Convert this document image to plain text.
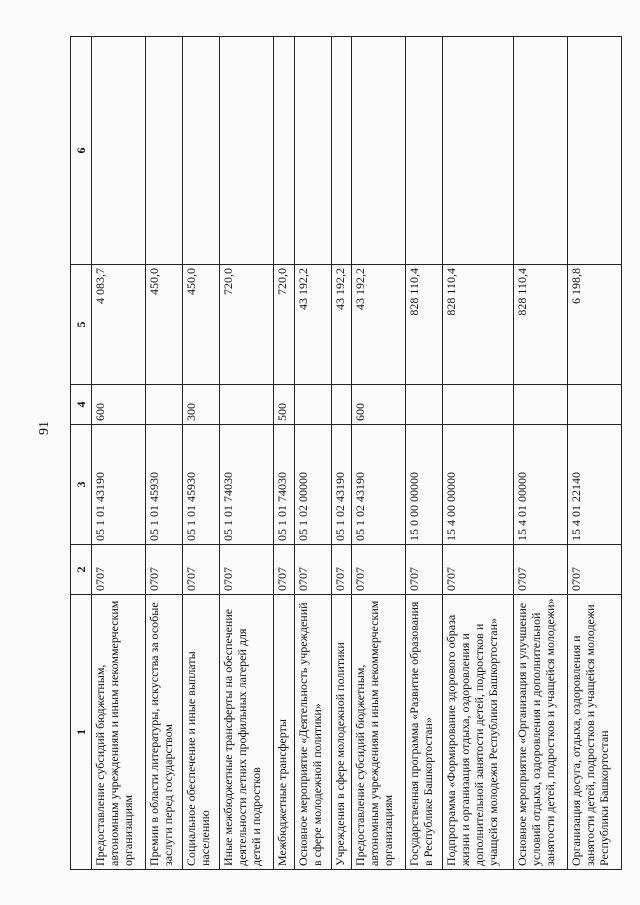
91
1	2	3	4	5	6
Предоставление субсидий бюджетным, автономным учреждениям и иным некоммерческим организациям	0707	05 1 01 43190	600	4 083,7	
Премии в области литературы, искусства за особые заслуги перед государством	0707	05 1 01 45930		450,0	
Социальное обеспечение и иные выплаты населению	0707	05 1 01 45930	300	450,0	
Иные межбюджетные трансферты на обеспечение деятельности летних профильных лагерей для детей и подростков	0707	05 1 01 74030		720,0	
Межбюджетные трансферты	0707	05 1 01 74030	500	720,0	
Основное мероприятие «Деятельность учреждений в сфере молодежной политики»	0707	05 1 02 00000		43 192,2	
Учреждения в сфере молодежной политики	0707	05 1 02 43190		43 192,2	
Предоставление субсидий бюджетным, автономным учреждениям и иным некоммерческим организациям	0707	05 1 02 43190	600	43 192,2	
Государственная программа «Развитие образования в Республике Башкортостан»	0707	15 0 00 00000		828 110,4	
Подпрограмма «Формирование здорового образа жизни и организация отдыха, оздоровления и дополнительной занятости детей, подростков и учащейся молодежи Республики Башкортостан»	0707	15 4 00 00000		828 110,4	
Основное мероприятие «Организация и улучшение условий отдыха, оздоровления и дополнительной занятости детей, подростков и учащейся молодежи»	0707	15 4 01 00000		828 110,4	
Организация досуга, отдыха, оздоровления и занятости детей, подростков и учащейся молодежи Республики Башкортостан	0707	15 4 01 22140		6 198,8	
